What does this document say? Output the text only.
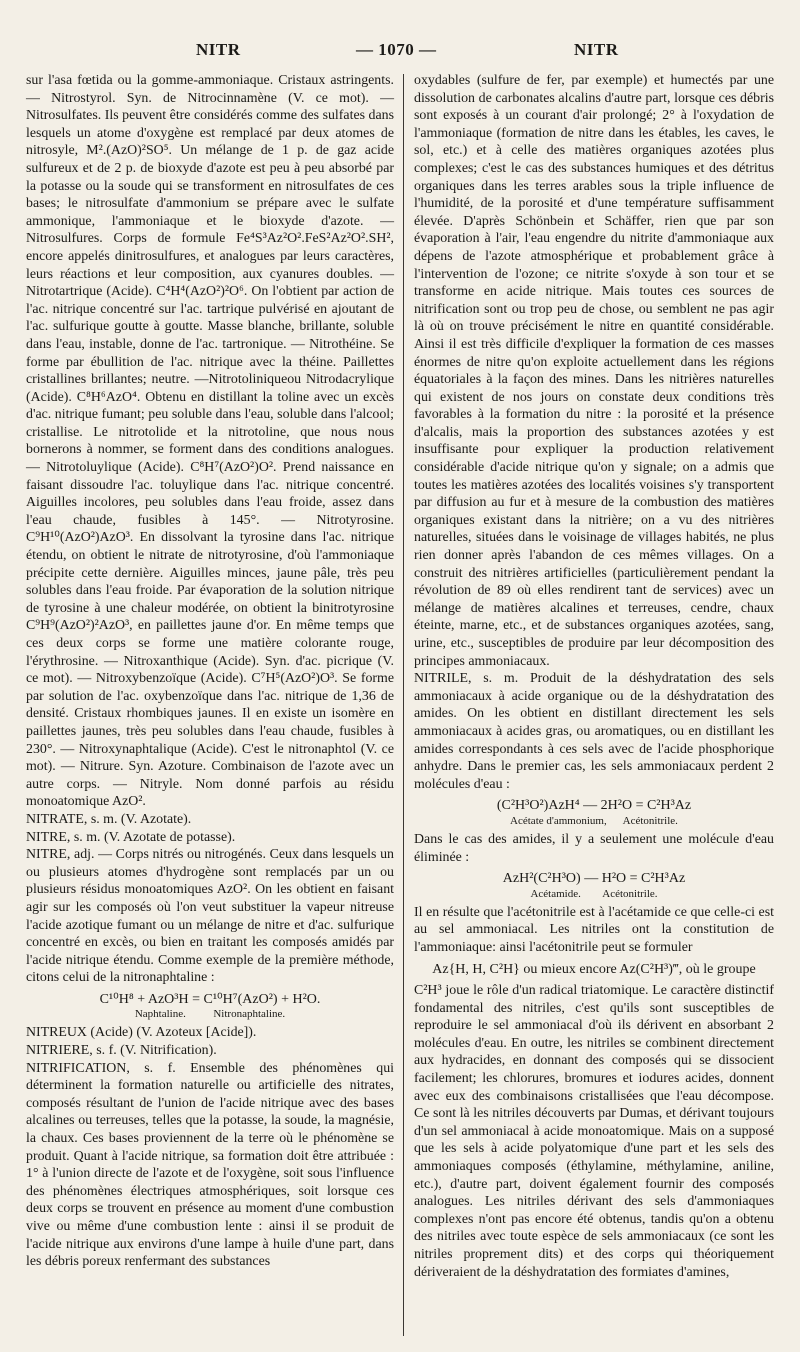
NITR	— 1070 —	NITR

sur l'asa fœtida ou la gomme-ammoniaque. Cristaux astringents. — Nitrostyrol. Syn. de Nitrocinnamène (V. ce mot). — Nitrosulfates. Ils peuvent être considérés comme des sulfates dans lesquels un atome d'oxygène est remplacé par deux atomes de nitrosyle, M².(AzO)²SO⁵. Un mélange de 1 p. de gaz acide sulfureux et de 2 p. de bioxyde d'azote est peu à peu absorbé par la potasse ou la soude qui se transforment en nitrosulfates de ces bases; le nitrosulfate d'ammonium se prépare avec le sulfate ammonique, l'ammoniaque et le bioxyde d'azote. — Nitrosulfures. Corps de formule Fe⁴S³Az²O².FeS²Az²O².SH², encore appelés dinitrosulfures, et analogues par leurs caractères, leurs réactions et leur composition, aux cyanures doubles. — Nitrotartrique (Acide). C⁴H⁴(AzO²)²O⁶. On l'obtient par action de l'ac. nitrique concentré sur l'ac. tartrique pulvérisé en ajoutant de l'ac. sulfurique goutte à goutte. Masse blanche, brillante, soluble dans l'eau, instable, donne de l'ac. tartronique. — Nitrothéine. Se forme par ébullition de l'ac. nitrique avec la théine. Paillettes cristallines brillantes; neutre. —Nitrotoliniqueou Nitrodacrylique (Acide). C⁸H⁶AzO⁴. Obtenu en distillant la toline avec un excès d'ac. nitrique fumant; peu soluble dans l'eau, soluble dans l'alcool; cristallise. Le nitrotolide et la nitrotoline, que nous nous bornerons à nommer, se forment dans des conditions analogues. — Nitrotoluylique (Acide). C⁸H⁷(AzO²)O². Prend naissance en faisant dissoudre l'ac. toluylique dans l'ac. nitrique concentré. Aiguilles incolores, peu solubles dans l'eau froide, assez dans l'eau chaude, fusibles à 145°. — Nitrotyrosine. C⁹H¹⁰(AzO²)AzO³. En dissolvant la tyrosine dans l'ac. nitrique étendu, on obtient le nitrate de nitrotyrosine, d'où l'ammoniaque précipite cette dernière. Aiguilles minces, jaune pâle, très peu solubles dans l'eau froide. Par évaporation de la solution nitrique de tyrosine à une chaleur modérée, on obtient la binitrotyrosine C⁹H⁹(AzO²)²AzO³, en paillettes jaune d'or. En même temps que ces deux corps se forme une matière colorante rouge, l'érythrosine. — Nitroxanthique (Acide). Syn. d'ac. picrique (V. ce mot). — Nitroxybenzoïque (Acide). C⁷H⁵(AzO²)O³. Se forme par solution de l'ac. oxybenzoïque dans l'ac. nitrique de 1,36 de densité. Cristaux rhombiques jaunes. Il en existe un isomère en paillettes jaunes, très peu solubles dans l'eau chaude, fusibles à 230°. — Nitroxynaphtalique (Acide). C'est le nitronaphtol (V. ce mot). — Nitrure. Syn. Azoture. Combinaison de l'azote avec un autre corps. — Nitryle. Nom donné parfois au résidu monoatomique AzO².

NITRATE, s. m. (V. Azotate).

NITRE, s. m. (V. Azotate de potasse).

NITRE, adj. — Corps nitrés ou nitrogénés. Ceux dans lesquels un ou plusieurs atomes d'hydrogène sont remplacés par un ou plusieurs résidus monoatomiques AzO². On les obtient en faisant agir sur les composés où l'on veut substituer la vapeur nitreuse l'acide azotique fumant ou un mélange de nitre et d'ac. sulfurique concentré en excès, ou bien en traitant les composés amidés par l'acide nitrique étendu. Comme exemple de la première méthode, citons celui de la nitronaphtaline :

C¹⁰H⁸ + AzO³H = C¹⁰H⁷(AzO²) + H²O.
Naphtaline.	Nitronaphtaline.

NITREUX (Acide) (V. Azoteux [Acide]).

NITRIERE, s. f. (V. Nitrification).

NITRIFICATION, s. f. Ensemble des phénomènes qui déterminent la formation naturelle ou artificielle des nitrates, composés résultant de l'union de l'acide nitrique avec des bases alcalines ou terreuses, telles que la potasse, la soude, la magnésie, la chaux. Ces bases proviennent de la terre où le phénomène se produit. Quant à l'acide nitrique, sa formation doit être attribuée : 1° à l'union directe de l'azote et de l'oxygène, soit sous l'influence des phénomènes électriques atmosphériques, soit lorsque ces deux corps se trouvent en présence au moment d'une combustion vive ou même d'une combustion lente : ainsi il se produit de l'acide nitrique aux environs d'une lampe à huile d'une part, dans les débris poreux renfermant des substances

oxydables (sulfure de fer, par exemple) et humectés par une dissolution de carbonates alcalins d'autre part, lorsque ces débris sont exposés à un courant d'air prolongé; 2° à l'oxydation de l'ammoniaque (formation de nitre dans les étables, les caves, le sol, etc.) et à celle des matières organiques azotées plus complexes; c'est le cas des substances humiques et des détritus organiques dans les terres arables sous la triple influence de l'humidité, de la porosité et d'une température suffisamment élevée. D'après Schönbein et Schäffer, rien que par son évaporation à l'air, l'eau engendre du nitrite d'ammoniaque aux dépens de l'azote atmosphérique et probablement grâce à l'intervention de l'ozone; ce nitrite s'oxyde à son tour et se transforme en acide nitrique. Mais toutes ces sources de nitrification sont ou trop peu de chose, ou semblent ne pas agir là où on trouve précisément le nitre en quantité considérable. Ainsi il est très difficile d'expliquer la formation de ces masses énormes de nitre qu'on exploite actuellement dans les régions équatoriales à la façon des mines. Dans les nitrières naturelles qui existent de nos jours on constate deux conditions très favorables à la formation du nitre : la porosité et la présence d'alcalis, mais la proportion des substances azotées y est insuffisante pour expliquer la production relativement considérable d'acide nitrique qu'on y signale; on a admis que toutes les matières azotées des localités voisines s'y transportent par diffusion au fur et à mesure de la combustion des matières organiques existant dans la nitrière; on a vu des nitrières naturelles, situées dans le voisinage de villages habités, ne plus rien donner après l'abandon de ces mêmes villages. On a construit des nitrières artificielles (particulièrement pendant la révolution de 89 où elles rendirent tant de services) avec un mélange de matières alcalines et terreuses, cendre, chaux éteinte, marne, etc., et de substances organiques azotées, sang, urine, etc., susceptibles de produire par leur décomposition des principes ammoniacaux.

NITRILE, s. m. Produit de la déshydratation des sels ammoniacaux à acide organique ou de la déshydratation des amides. On les obtient en distillant directement les sels ammoniacaux à acides gras, ou aromatiques, ou en distillant les amides correspondants à ces sels avec de l'acide phosphorique anhydre. Dans le premier cas, les sels ammoniacaux perdent 2 molécules d'eau :

(C²H³O²)AzH⁴ — 2H²O = C²H³Az
Acétate d'ammonium, Acétonitrile.

Dans le cas des amides, il y a seulement une molécule d'eau éliminée :

AzH²(C²H³O) — H²O = C²H³Az
Acétamide. Acétonitrile.

Il en résulte que l'acétonitrile est à l'acétamide ce que celle-ci est au sel ammoniacal. Les nitriles ont la constitution de l'ammoniaque: ainsi l'acétonitrile peut se formuler

Az{H, H, C²H} ou mieux encore Az(C²H³)‴, où le groupe

C²H³ joue le rôle d'un radical triatomique. Le caractère distinctif fondamental des nitriles, c'est qu'ils sont susceptibles de reproduire le sel ammoniacal d'où ils dérivent en absorbant 2 molécules d'eau. En outre, les nitriles se combinent directement aux hydracides, en donnant des composés qui se dissocient facilement; les chlorures, bromures et iodures acides, donnent avec eux des combinaisons cristallisées que l'eau décompose. Ce sont là les nitriles découverts par Dumas, et dérivant toujours d'un sel ammoniacal à acide monoatomique. Mais on a supposé que les sels à acide polyatomique d'une part et les sels des ammoniaques composés (éthylamine, méthylamine, aniline, etc.), d'autre part, doivent également fournir des composés analogues. Les nitriles dérivant des sels d'ammoniaques complexes n'ont pas encore été obtenus, tandis qu'on a obtenu des nitriles avec toute espèce de sels ammoniacaux (ce sont les nitriles proprement dits) et des corps qui théoriquement dériveraient de la déshydratation des formiates d'amines,
